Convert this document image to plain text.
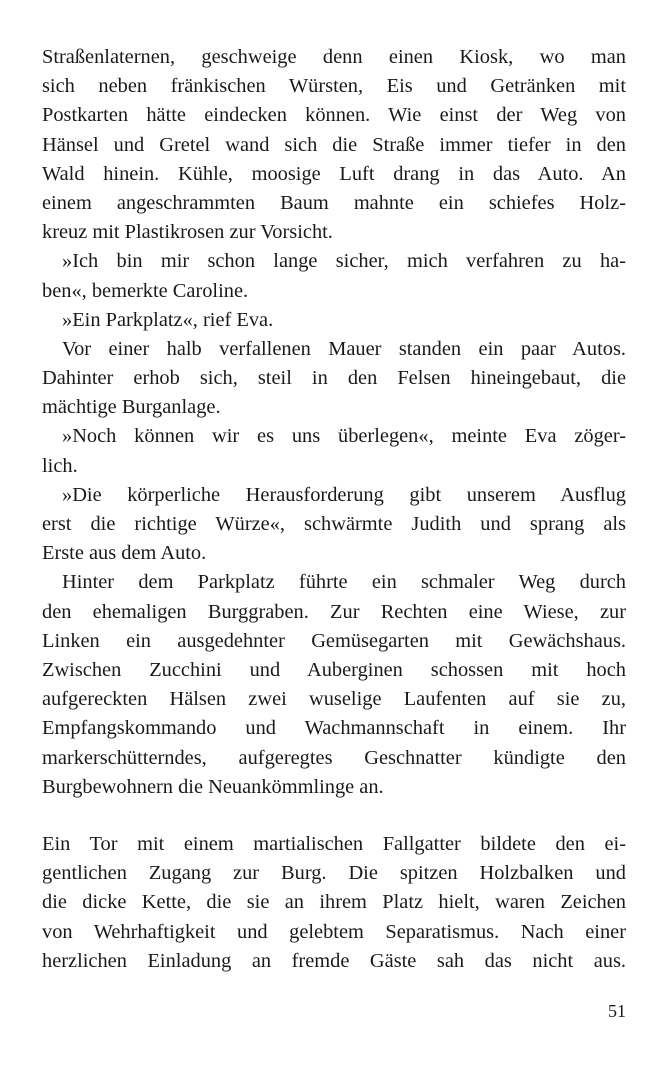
Straßenlaternen, geschweige denn einen Kiosk, wo man
sich neben fränkischen Würsten, Eis und Getränken mit
Postkarten hätte eindecken können. Wie einst der Weg von
Hänsel und Gretel wand sich die Straße immer tiefer in den
Wald hinein. Kühle, moosige Luft drang in das Auto. An
einem angeschrammten Baum mahnte ein schiefes Holz-
kreuz mit Plastikrosen zur Vorsicht.
»Ich bin mir schon lange sicher, mich verfahren zu ha-
ben«, bemerkte Caroline.
»Ein Parkplatz«, rief Eva.
Vor einer halb verfallenen Mauer standen ein paar Autos.
Dahinter erhob sich, steil in den Felsen hineingebaut, die
mächtige Burganlage.
»Noch können wir es uns überlegen«, meinte Eva zöger-
lich.
»Die körperliche Herausforderung gibt unserem Ausflug
erst die richtige Würze«, schwärmte Judith und sprang als
Erste aus dem Auto.
Hinter dem Parkplatz führte ein schmaler Weg durch
den ehemaligen Burggraben. Zur Rechten eine Wiese, zur
Linken ein ausgedehnter Gemüsegarten mit Gewächshaus.
Zwischen Zucchini und Auberginen schossen mit hoch
aufgereckten Hälsen zwei wuselige Laufenten auf sie zu,
Empfangskommando und Wachmannschaft in einem. Ihr
markerschütterndes, aufgeregtes Geschnatter kündigte den
Burgbewohnern die Neuankömmlinge an.
Ein Tor mit einem martialischen Fallgatter bildete den ei-
gentlichen Zugang zur Burg. Die spitzen Holzbalken und
die dicke Kette, die sie an ihrem Platz hielt, waren Zeichen
von Wehrhaftigkeit und gelebtem Separatismus. Nach einer
herzlichen Einladung an fremde Gäste sah das nicht aus.
51
